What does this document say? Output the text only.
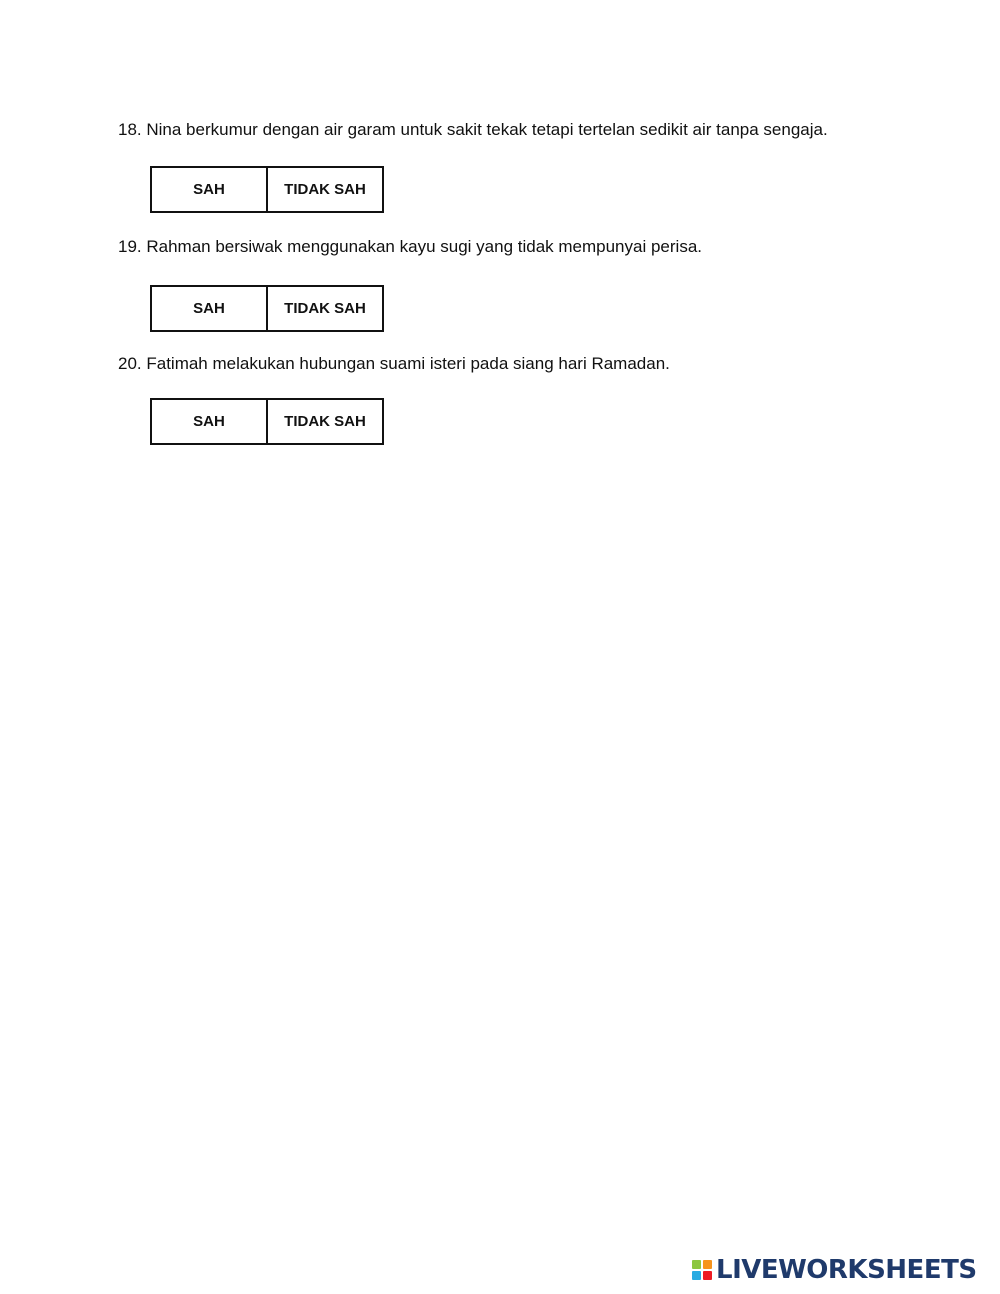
18. Nina berkumur dengan air garam untuk sakit tekak tetapi tertelan sedikit air tanpa sengaja.
SAH	TIDAK SAH
19. Rahman bersiwak menggunakan kayu sugi yang tidak mempunyai perisa.
SAH	TIDAK SAH
20. Fatimah melakukan hubungan suami isteri pada siang hari Ramadan.
SAH	TIDAK SAH
LIVEWORKSHEETS
